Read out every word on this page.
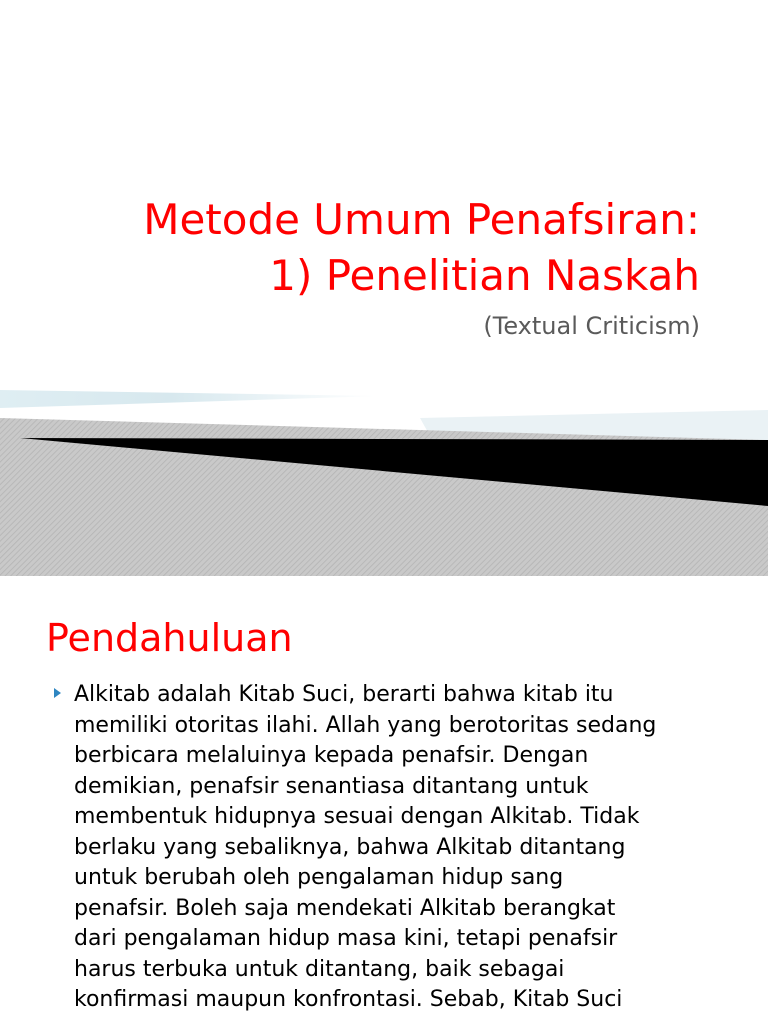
Metode Umum Penafsiran:
1) Penelitian Naskah

(Textual Criticism)

Pendahuluan
Alkitab adalah Kitab Suci, berarti bahwa kitab itu
memiliki otoritas ilahi. Allah yang berotoritas sedang
berbicara melaluinya kepada penafsir. Dengan
demikian, penafsir senantiasa ditantang untuk
membentuk hidupnya sesuai dengan Alkitab. Tidak
berlaku yang sebaliknya, bahwa Alkitab ditantang
untuk berubah oleh pengalaman hidup sang
penafsir. Boleh saja mendekati Alkitab berangkat
dari pengalaman hidup masa kini, tetapi penafsir
harus terbuka untuk ditantang, baik sebagai
konfirmasi maupun konfrontasi. Sebab, Kitab Suci
